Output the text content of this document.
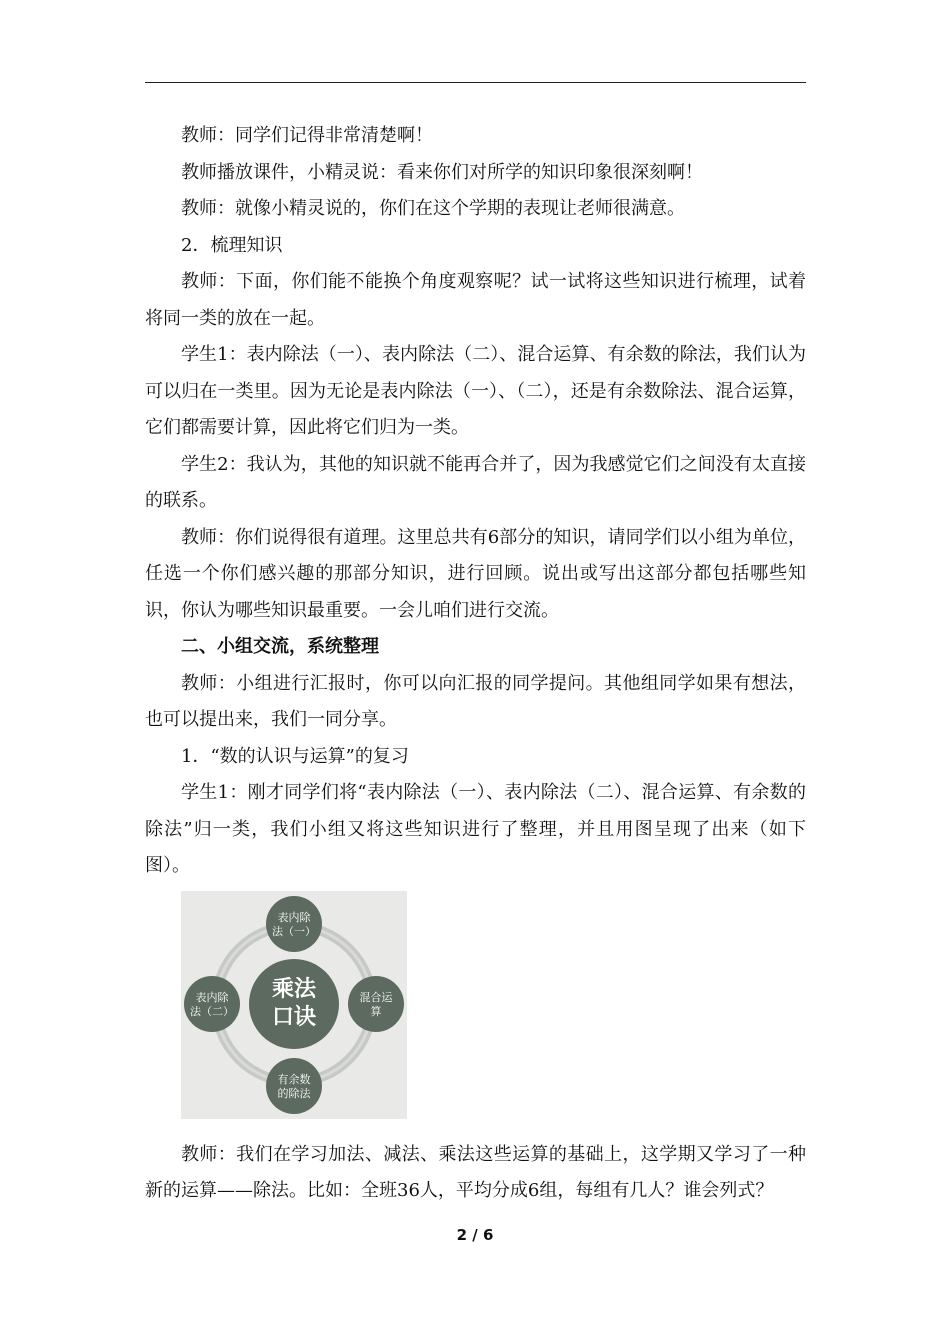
教师：同学们记得非常清楚啊！

教师播放课件，小精灵说：看来你们对所学的知识印象很深刻啊！

教师：就像小精灵说的，你们在这个学期的表现让老师很满意。

2．梳理知识

教师：下面，你们能不能换个角度观察呢？试一试将这些知识进行梳理，试着将同一类的放在一起。

学生1：表内除法（一）、表内除法（二）、混合运算、有余数的除法，我们认为可以归在一类里。因为无论是表内除法（一）、（二），还是有余数除法、混合运算，它们都需要计算，因此将它们归为一类。

学生2：我认为，其他的知识就不能再合并了，因为我感觉它们之间没有太直接的联系。

教师：你们说得很有道理。这里总共有6部分的知识，请同学们以小组为单位，任选一个你们感兴趣的那部分知识，进行回顾。说出或写出这部分都包括哪些知识，你认为哪些知识最重要。一会儿咱们进行交流。

二、小组交流，系统整理

教师：小组进行汇报时，你可以向汇报的同学提问。其他组同学如果有想法，也可以提出来，我们一同分享。

1．“数的认识与运算”的复习

学生1：刚才同学们将“表内除法（一）、表内除法（二）、混合运算、有余数的除法”归一类，我们小组又将这些知识进行了整理，并且用图呈现了出来（如下图）。

乘法
口诀
表内除
法（一）
表内除
法（二）
混合运
算
有余数
的除法

教师：我们在学习加法、减法、乘法这些运算的基础上，这学期又学习了一种新的运算——除法。比如：全班36人，平均分成6组，每组有几人？谁会列式？

2 / 6
